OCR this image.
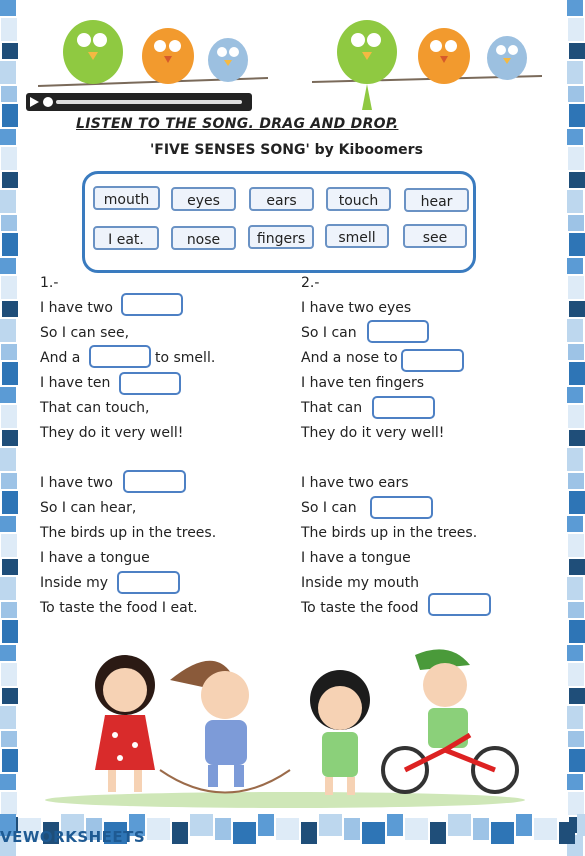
LISTEN TO THE SONG. DRAG AND DROP.
'FIVE SENSES SONG' by Kiboomers
mouth	eyes	ears	touch	hear
I eat.	nose	fingers	smell	see
1.-
I have two
So I can see,
And a	to smell.
I have ten
That can touch,
They do it very well!
I have two
So I can hear,
The birds up in the trees.
I have a tongue
Inside my
To taste the food I eat.
2.-
I have two eyes
So I can
And a nose to
I have ten fingers
That can
They do it very well!
I have two ears
So I can
The birds up in the trees.
I have a tongue
Inside my mouth
To taste the food
VEWORKSHEETS
